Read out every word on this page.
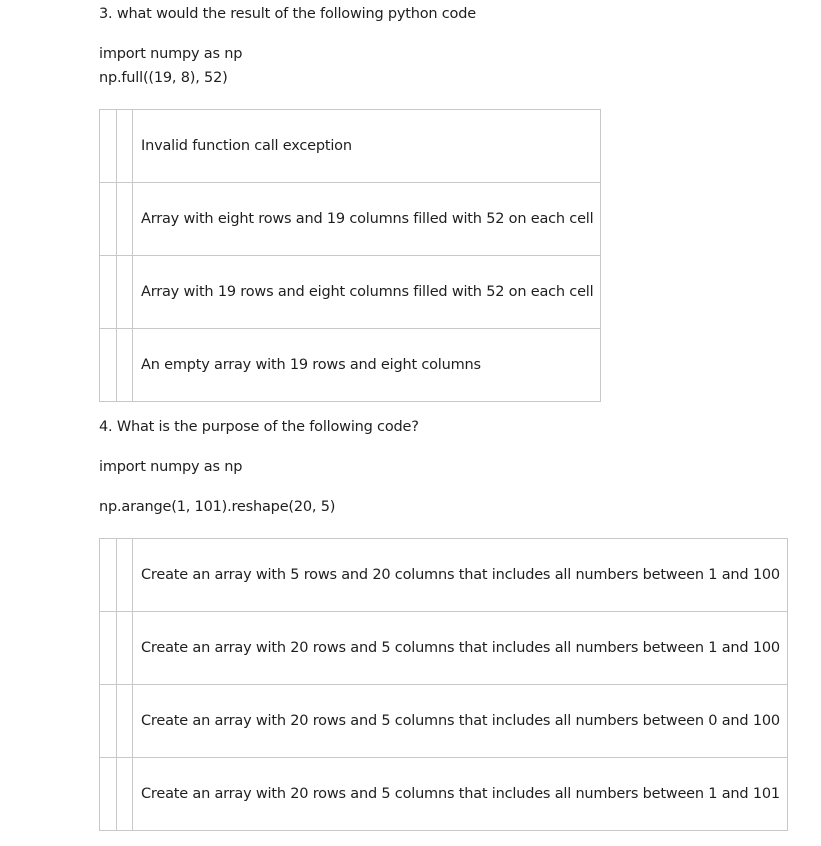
3. what would the result of the following python code
import numpy as np
np.full((19, 8), 52)
		Invalid function call exception
		Array with eight rows and 19 columns filled with 52 on each cell
		Array with 19 rows and eight columns filled with 52 on each cell
		An empty array with 19 rows and eight columns
4. What is the purpose of the following code?
import numpy as np
np.arange(1, 101).reshape(20, 5)
		Create an array with 5 rows and 20 columns that includes all numbers between 1 and 100
		Create an array with 20 rows and 5 columns that includes all numbers between 1 and 100
		Create an array with 20 rows and 5 columns that includes all numbers between 0 and 100
		Create an array with 20 rows and 5 columns that includes all numbers between 1 and 101
